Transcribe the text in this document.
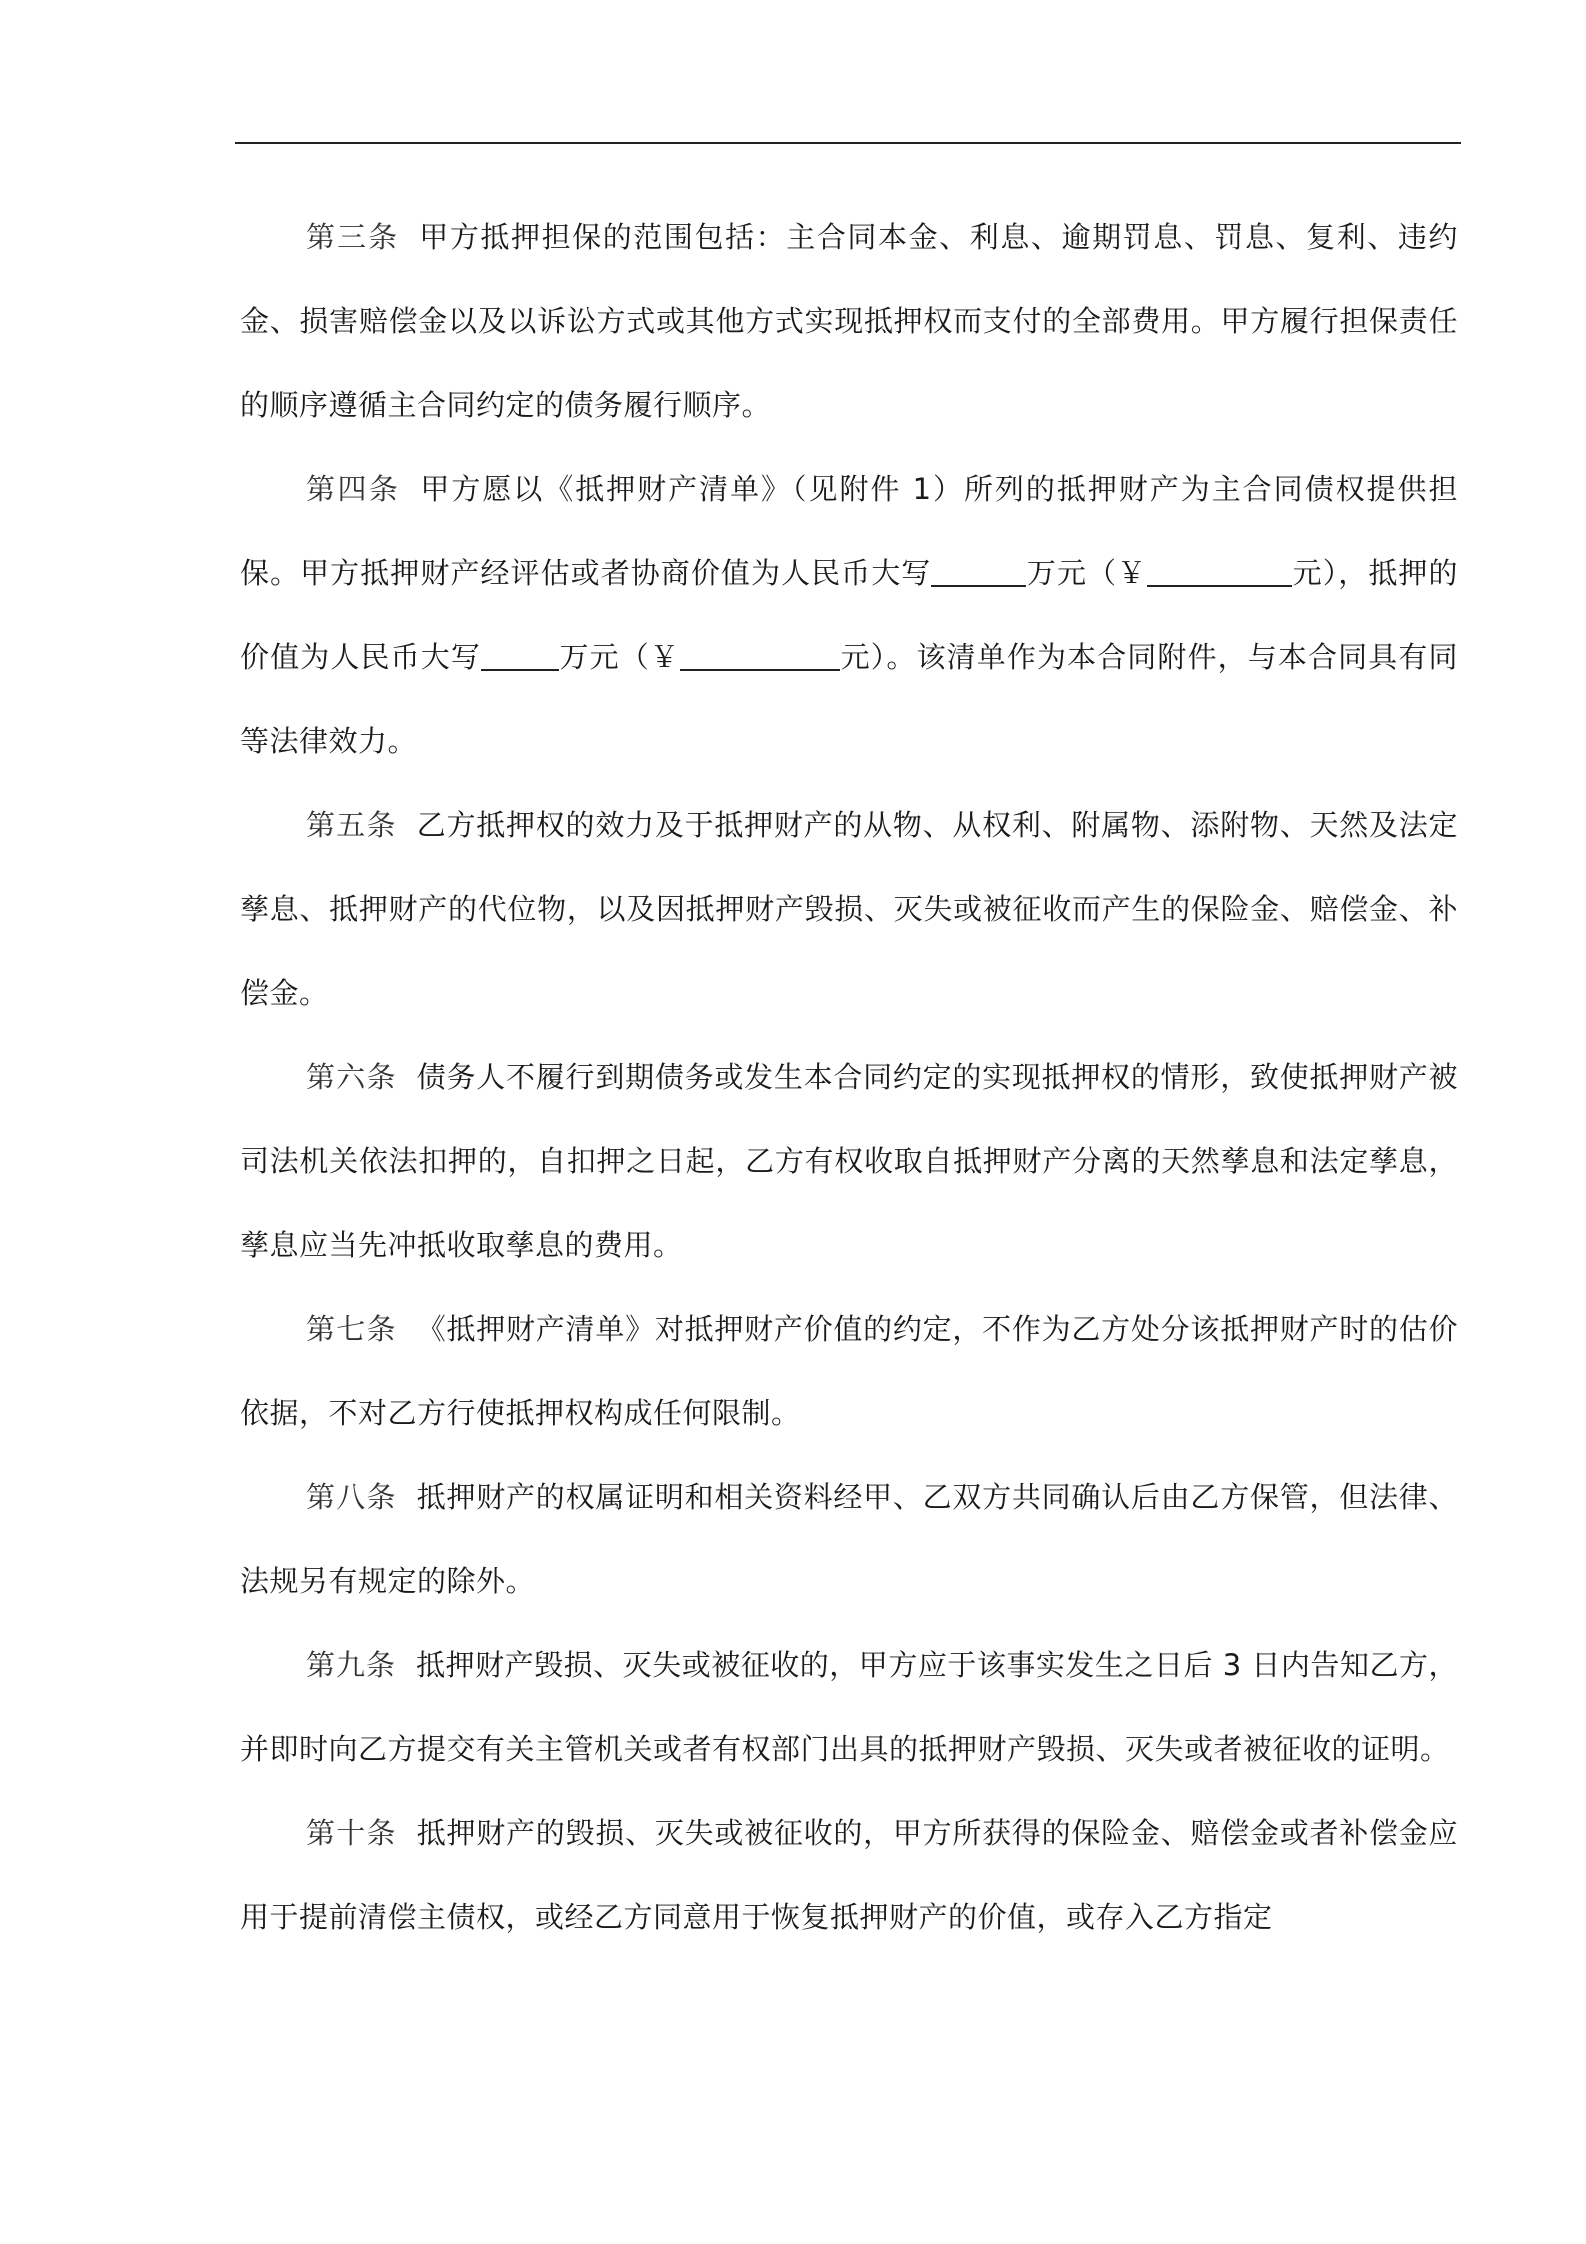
第三条 甲方抵押担保的范围包括：主合同本金、利息、逾期罚息、罚息、复利、违约金、损害赔偿金以及以诉讼方式或其他方式实现抵押权而支付的全部费用。甲方履行担保责任的顺序遵循主合同约定的债务履行顺序。

第四条 甲方愿以《抵押财产清单》（见附件 1）所列的抵押财产为主合同债权提供担保。甲方抵押财产经评估或者协商价值为人民币大写	万元（￥	元），抵押的价值为人民币大写	万元（￥	元）。该清单作为本合同附件，与本合同具有同等法律效力。

第五条 乙方抵押权的效力及于抵押财产的从物、从权利、附属物、添附物、天然及法定孳息、抵押财产的代位物，以及因抵押财产毁损、灭失或被征收而产生的保险金、赔偿金、补偿金。

第六条 债务人不履行到期债务或发生本合同约定的实现抵押权的情形，致使抵押财产被司法机关依法扣押的，自扣押之日起，乙方有权收取自抵押财产分离的天然孳息和法定孳息，孳息应当先冲抵收取孳息的费用。

第七条 《抵押财产清单》对抵押财产价值的约定，不作为乙方处分该抵押财产时的估价依据，不对乙方行使抵押权构成任何限制。

第八条 抵押财产的权属证明和相关资料经甲、乙双方共同确认后由乙方保管，但法律、法规另有规定的除外。

第九条 抵押财产毁损、灭失或被征收的，甲方应于该事实发生之日后 3 日内告知乙方，并即时向乙方提交有关主管机关或者有权部门出具的抵押财产毁损、灭失或者被征收的证明。

第十条 抵押财产的毁损、灭失或被征收的，甲方所获得的保险金、赔偿金或者补偿金应用于提前清偿主债权，或经乙方同意用于恢复抵押财产的价值，或存入乙方指定
